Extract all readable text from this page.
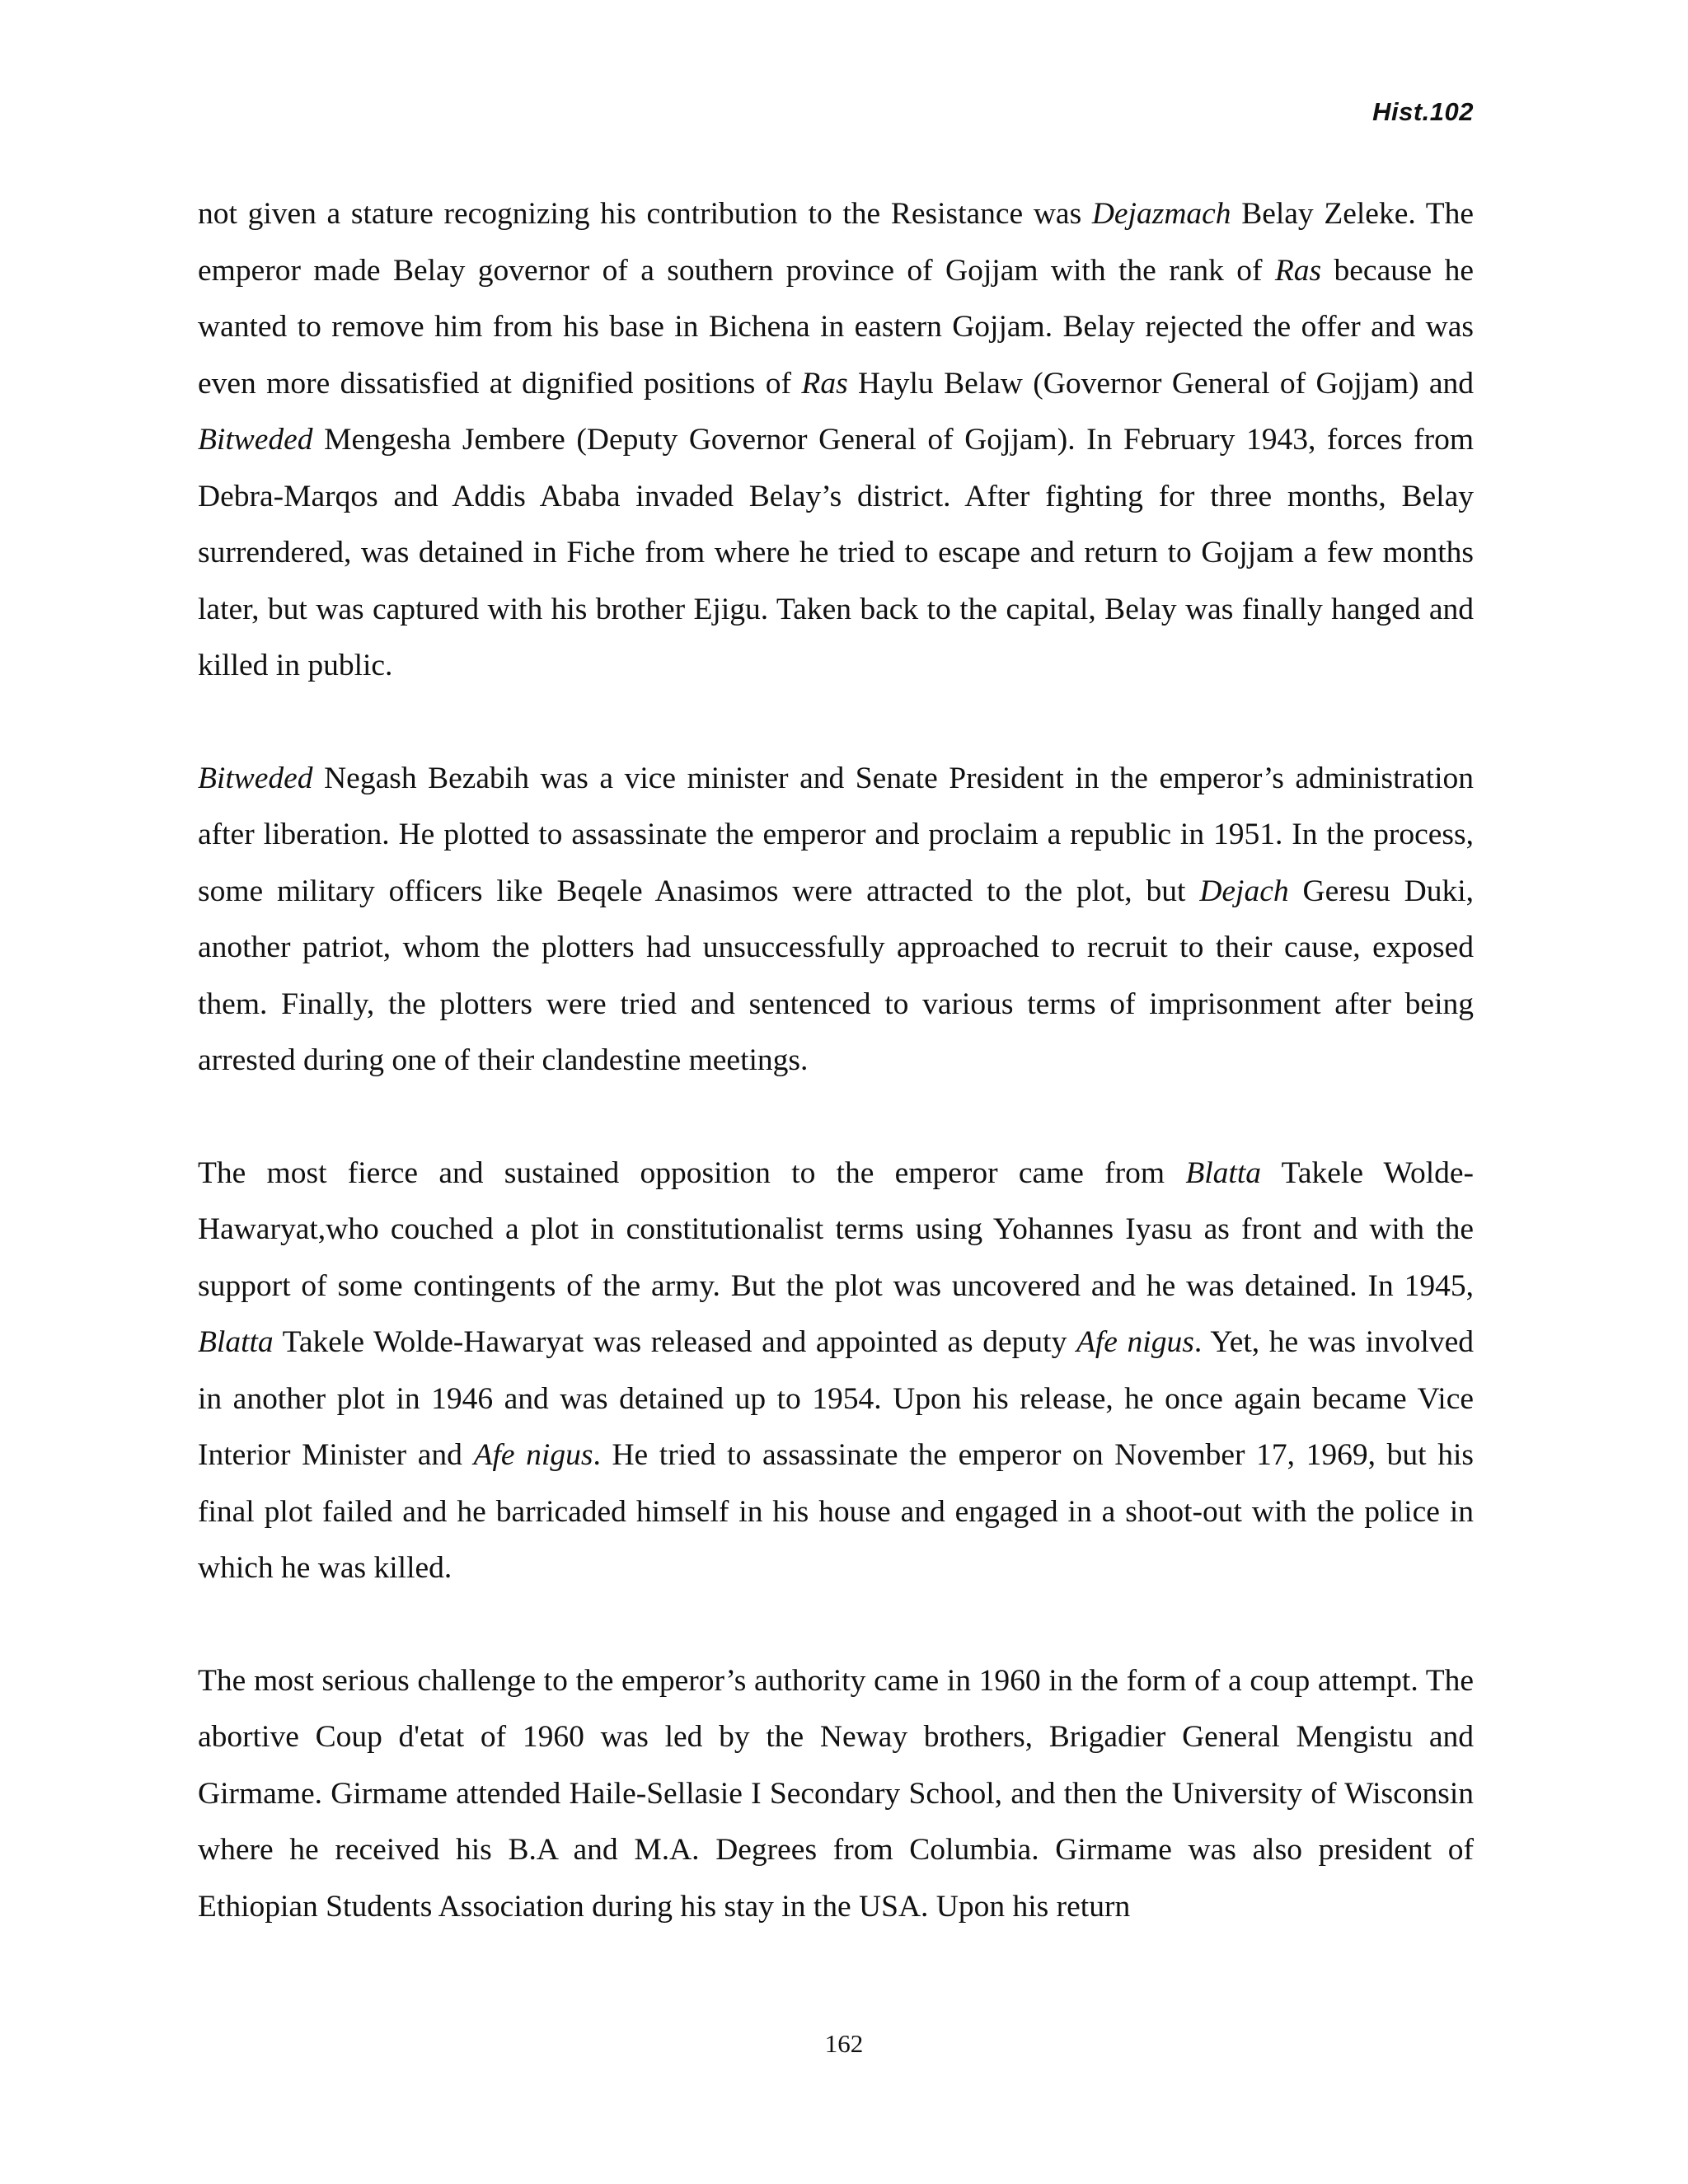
Hist.102

not given a stature recognizing his contribution to the Resistance was Dejazmach Belay Zeleke. The emperor made Belay governor of a southern province of Gojjam with the rank of Ras because he wanted to remove him from his base in Bichena in eastern Gojjam. Belay rejected the offer and was even more dissatisfied at dignified positions of Ras Haylu Belaw (Governor General of Gojjam) and Bitweded Mengesha Jembere (Deputy Governor General of Gojjam). In February 1943, forces from Debra-Marqos and Addis Ababa invaded Belay’s district. After fighting for three months, Belay surrendered, was detained in Fiche from where he tried to escape and return to Gojjam a few months later, but was captured with his brother Ejigu. Taken back to the capital, Belay was finally hanged and killed in public.

Bitweded Negash Bezabih was a vice minister and Senate President in the emperor’s administration after liberation. He plotted to assassinate the emperor and proclaim a republic in 1951. In the process, some military officers like Beqele Anasimos were attracted to the plot, but Dejach Geresu Duki, another patriot, whom the plotters had unsuccessfully approached to recruit to their cause, exposed them. Finally, the plotters were tried and sentenced to various terms of imprisonment after being arrested during one of their clandestine meetings.

The most fierce and sustained opposition to the emperor came from Blatta Takele Wolde-Hawaryat,who couched a plot in constitutionalist terms using Yohannes Iyasu as front and with the support of some contingents of the army. But the plot was uncovered and he was detained. In 1945, Blatta Takele Wolde-Hawaryat was released and appointed as deputy Afe nigus. Yet, he was involved in another plot in 1946 and was detained up to 1954. Upon his release, he once again became Vice Interior Minister and Afe nigus. He tried to assassinate the emperor on November 17, 1969, but his final plot failed and he barricaded himself in his house and engaged in a shoot-out with the police in which he was killed.

The most serious challenge to the emperor’s authority came in 1960 in the form of a coup attempt. The abortive Coup d'etat of 1960 was led by the Neway brothers, Brigadier General Mengistu and Girmame. Girmame attended Haile-Sellasie I Secondary School, and then the University of Wisconsin where he received his B.A and M.A. Degrees from Columbia. Girmame was also president of Ethiopian Students Association during his stay in the USA. Upon his return

162
